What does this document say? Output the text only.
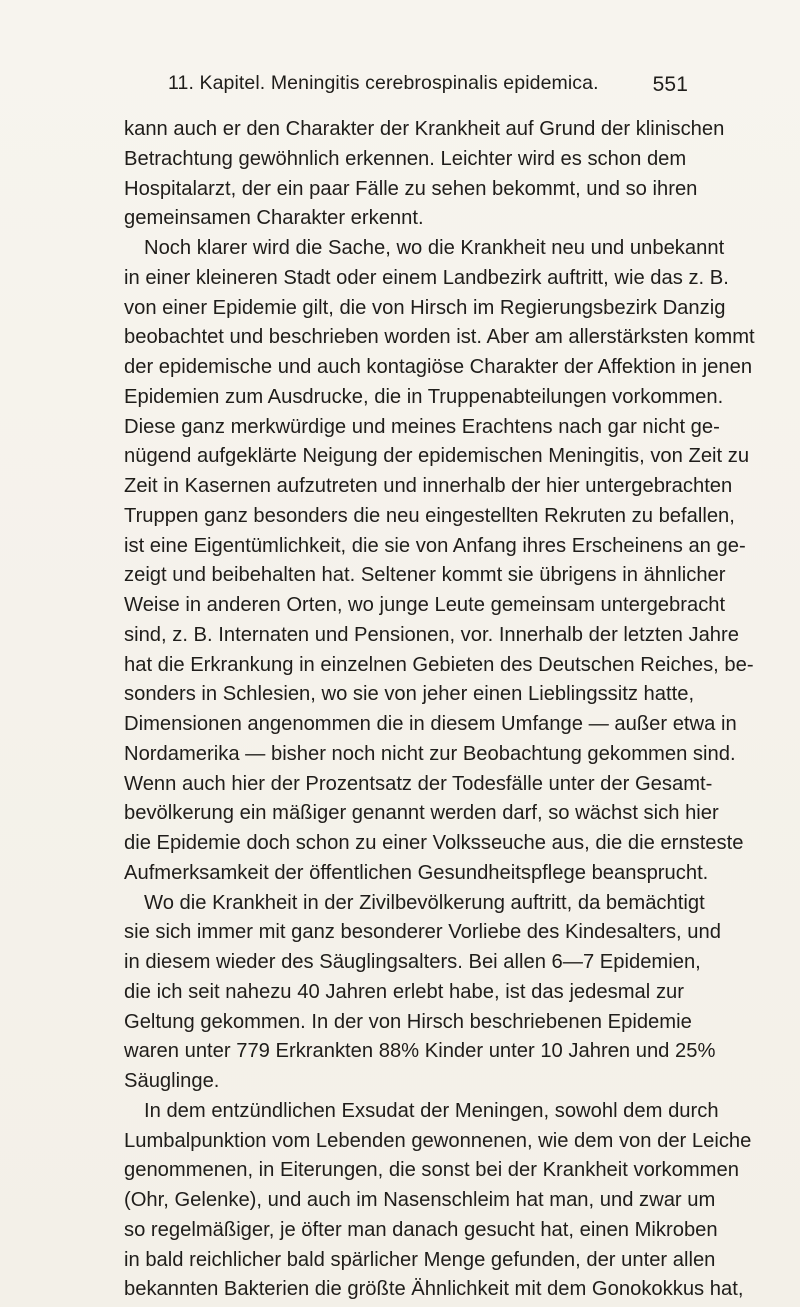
11. Kapitel. Meningitis cerebrospinalis epidemica.	551
kann auch er den Charakter der Krankheit auf Grund der klinischen
Betrachtung gewöhnlich erkennen. Leichter wird es schon dem
Hospitalarzt, der ein paar Fälle zu sehen bekommt, und so ihren
gemeinsamen Charakter erkennt.
Noch klarer wird die Sache, wo die Krankheit neu und unbekannt
in einer kleineren Stadt oder einem Landbezirk auftritt, wie das z. B.
von einer Epidemie gilt, die von Hirsch im Regierungsbezirk Danzig
beobachtet und beschrieben worden ist. Aber am allerstärksten kommt
der epidemische und auch kontagiöse Charakter der Affektion in jenen
Epidemien zum Ausdrucke, die in Truppenabteilungen vorkommen.
Diese ganz merkwürdige und meines Erachtens nach gar nicht ge-
nügend aufgeklärte Neigung der epidemischen Meningitis, von Zeit zu
Zeit in Kasernen aufzutreten und innerhalb der hier untergebrachten
Truppen ganz besonders die neu eingestellten Rekruten zu befallen,
ist eine Eigentümlichkeit, die sie von Anfang ihres Erscheinens an ge-
zeigt und beibehalten hat. Seltener kommt sie übrigens in ähnlicher
Weise in anderen Orten, wo junge Leute gemeinsam untergebracht
sind, z. B. Internaten und Pensionen, vor. Innerhalb der letzten Jahre
hat die Erkrankung in einzelnen Gebieten des Deutschen Reiches, be-
sonders in Schlesien, wo sie von jeher einen Lieblingssitz hatte,
Dimensionen angenommen die in diesem Umfange — außer etwa in
Nordamerika — bisher noch nicht zur Beobachtung gekommen sind.
Wenn auch hier der Prozentsatz der Todesfälle unter der Gesamt-
bevölkerung ein mäßiger genannt werden darf, so wächst sich hier
die Epidemie doch schon zu einer Volksseuche aus, die die ernsteste
Aufmerksamkeit der öffentlichen Gesundheitspflege beansprucht.
Wo die Krankheit in der Zivilbevölkerung auftritt, da bemächtigt
sie sich immer mit ganz besonderer Vorliebe des Kindesalters, und
in diesem wieder des Säuglingsalters. Bei allen 6—7 Epidemien,
die ich seit nahezu 40 Jahren erlebt habe, ist das jedesmal zur
Geltung gekommen. In der von Hirsch beschriebenen Epidemie
waren unter 779 Erkrankten 88% Kinder unter 10 Jahren und 25%
Säuglinge.
In dem entzündlichen Exsudat der Meningen, sowohl dem durch
Lumbalpunktion vom Lebenden gewonnenen, wie dem von der Leiche
genommenen, in Eiterungen, die sonst bei der Krankheit vorkommen
(Ohr, Gelenke), und auch im Nasenschleim hat man, und zwar um
so regelmäßiger, je öfter man danach gesucht hat, einen Mikroben
in bald reichlicher bald spärlicher Menge gefunden, der unter allen
bekannten Bakterien die größte Ähnlichkeit mit dem Gonokokkus hat,
